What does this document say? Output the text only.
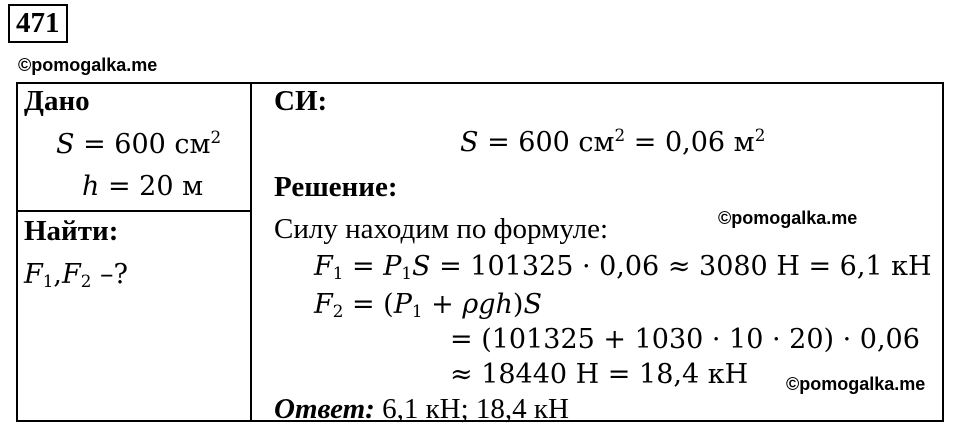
471
©pomogalka.me
Дано
S = 600 $см^2$
h = 20 м
Найти:
$F_1,F_2$ –?
СИ:
S = 600 $см^2 = 0,06$ $м^2$
Решение:
Силу находим по формуле:	©pomogalka.me
$F_1 = P_1S = 101325 \cdot 0,06 \approx 3080$ Н = 6,1 кН
$F_2 = (P_1 + \rho gh)S$
= (101325 + 1030 · 10 · 20) · 0,06
≈ 18440 Н = 18,4 кН ©pomogalka.me
Ответ: 6,1 кН; 18,4 кН
